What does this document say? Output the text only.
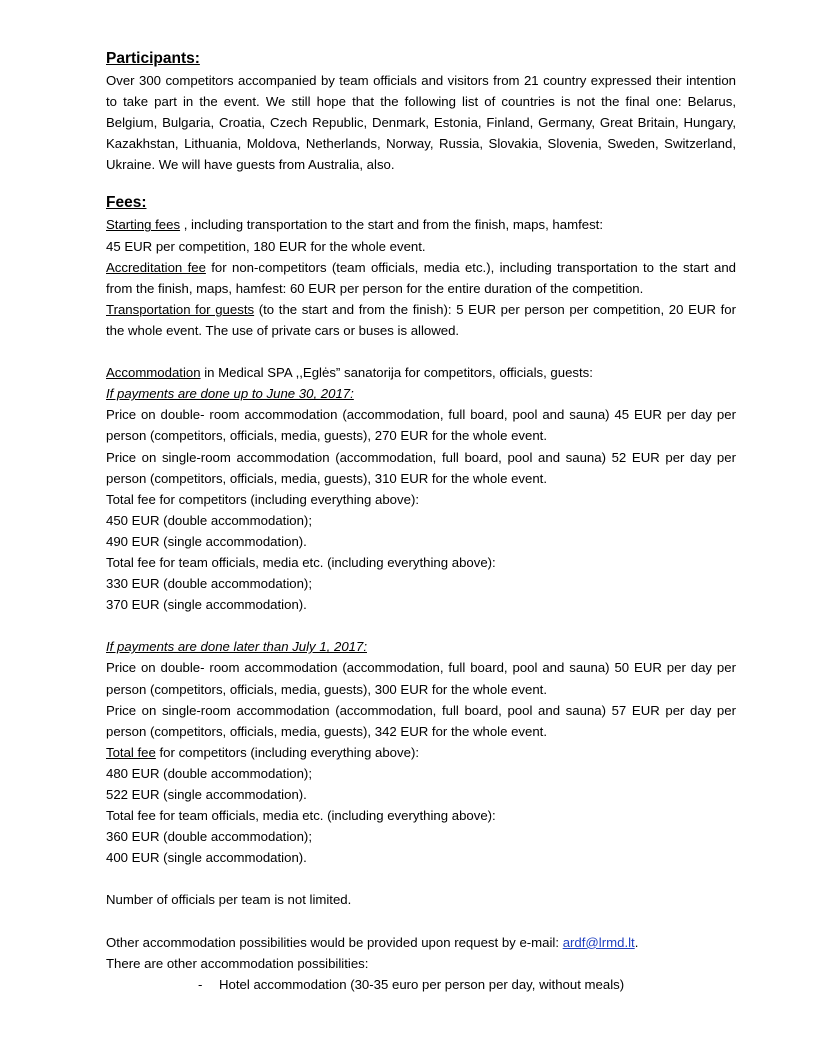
Participants:

Over 300 competitors accompanied by team officials and visitors from 21 country expressed their intention to take part in the event. We still hope that the following list of countries is not the final one: Belarus, Belgium, Bulgaria, Croatia, Czech Republic, Denmark, Estonia, Finland, Germany, Great Britain, Hungary, Kazakhstan, Lithuania, Moldova, Netherlands, Norway, Russia, Slovakia, Slovenia, Sweden, Switzerland, Ukraine. We will have guests from Australia, also.

Fees:

Starting fees , including transportation to the start and from the finish, maps, hamfest:

45 EUR per competition, 180 EUR for the whole event.

Accreditation fee for non-competitors (team officials, media etc.), including transportation to the start and from the finish, maps, hamfest: 60 EUR per person for the entire duration of the competition.

Transportation for guests (to the start and from the finish): 5 EUR per person per competition, 20 EUR for the whole event. The use of private cars or buses is allowed.

Accommodation in Medical SPA ,,Eglės” sanatorija for competitors, officials, guests:

If payments are done up to June 30, 2017:

Price on double- room accommodation (accommodation, full board, pool and sauna) 45 EUR per day per person (competitors, officials, media, guests), 270 EUR for the whole event.

Price on single-room accommodation (accommodation, full board, pool and sauna) 52 EUR per day per person (competitors, officials, media, guests), 310 EUR for the whole event.

Total fee for competitors (including everything above):

450 EUR (double accommodation);

490 EUR (single accommodation).

Total fee for team officials, media etc. (including everything above):

330 EUR (double accommodation);

370 EUR (single accommodation).

If payments are done later than July 1, 2017:

Price on double- room accommodation (accommodation, full board, pool and sauna) 50 EUR per day per person (competitors, officials, media, guests), 300 EUR for the whole event.

Price on single-room accommodation (accommodation, full board, pool and sauna) 57 EUR per day per person (competitors, officials, media, guests), 342 EUR for the whole event.

Total fee for competitors (including everything above):

480 EUR (double accommodation);

522 EUR (single accommodation).

Total fee for team officials, media etc. (including everything above):

360 EUR (double accommodation);

400 EUR (single accommodation).

Number of officials per team is not limited.

Other accommodation possibilities would be provided upon request by e-mail: ardf@lrmd.lt.

There are other accommodation possibilities:

-	Hotel accommodation (30-35 euro per person per day, without meals)
